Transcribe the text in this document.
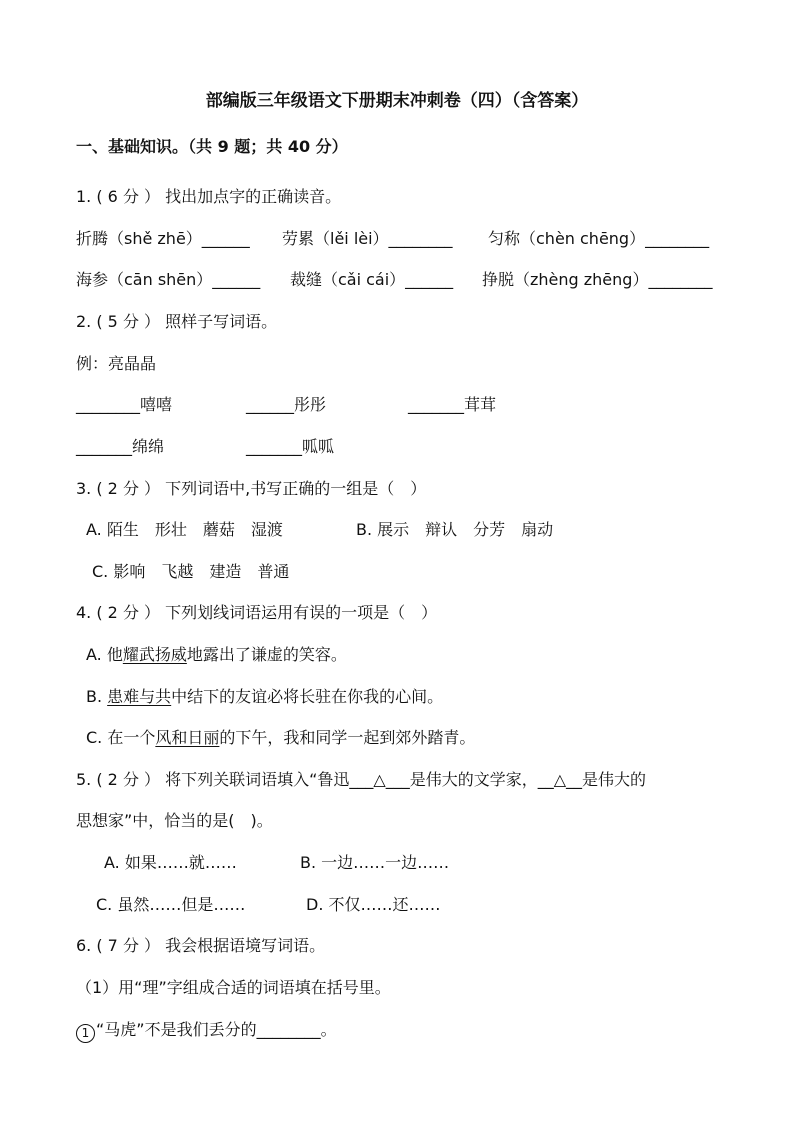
部编版三年级语文下册期末冲刺卷（四）（含答案）
一、基础知识。（共 9 题；共 40 分）
1. ( 6 分 ） 找出加点字的正确读音。
折腾（shě zhē）______ 劳累（lěi lèi）________ 匀称（chèn chēng）________
海参（cān shēn）______ 裁缝（cǎi cái）______ 挣脱（zhèng zhēng）________
2. ( 5 分 ） 照样子写词语。
例：亮晶晶
________嘻嘻	______彤彤	_______茸茸
_______绵绵	_______呱呱
3. ( 2 分 ） 下列词语中,书写正确的一组是（　）
A. 陌生　形壮　蘑菇　湿渡	B. 展示　辩认　分芳　扇动
C. 影响　飞越　建造　普通
4. ( 2 分 ） 下列划线词语运用有误的一项是（　）
A. 他耀武扬威地露出了谦虚的笑容。
B. 患难与共中结下的友谊必将长驻在你我的心间。
C. 在一个风和日丽的下午，我和同学一起到郊外踏青。
5. ( 2 分 ） 将下列关联词语填入“鲁迅___△___是伟大的文学家，__△__是伟大的
思想家”中，恰当的是(　)。
A. 如果……就……	B. 一边……一边……
C. 虽然……但是……	D. 不仅……还……
6. ( 7 分 ） 我会根据语境写词语。
（1）用“理”字组成合适的词语填在括号里。
1 “马虎”不是我们丢分的________。
